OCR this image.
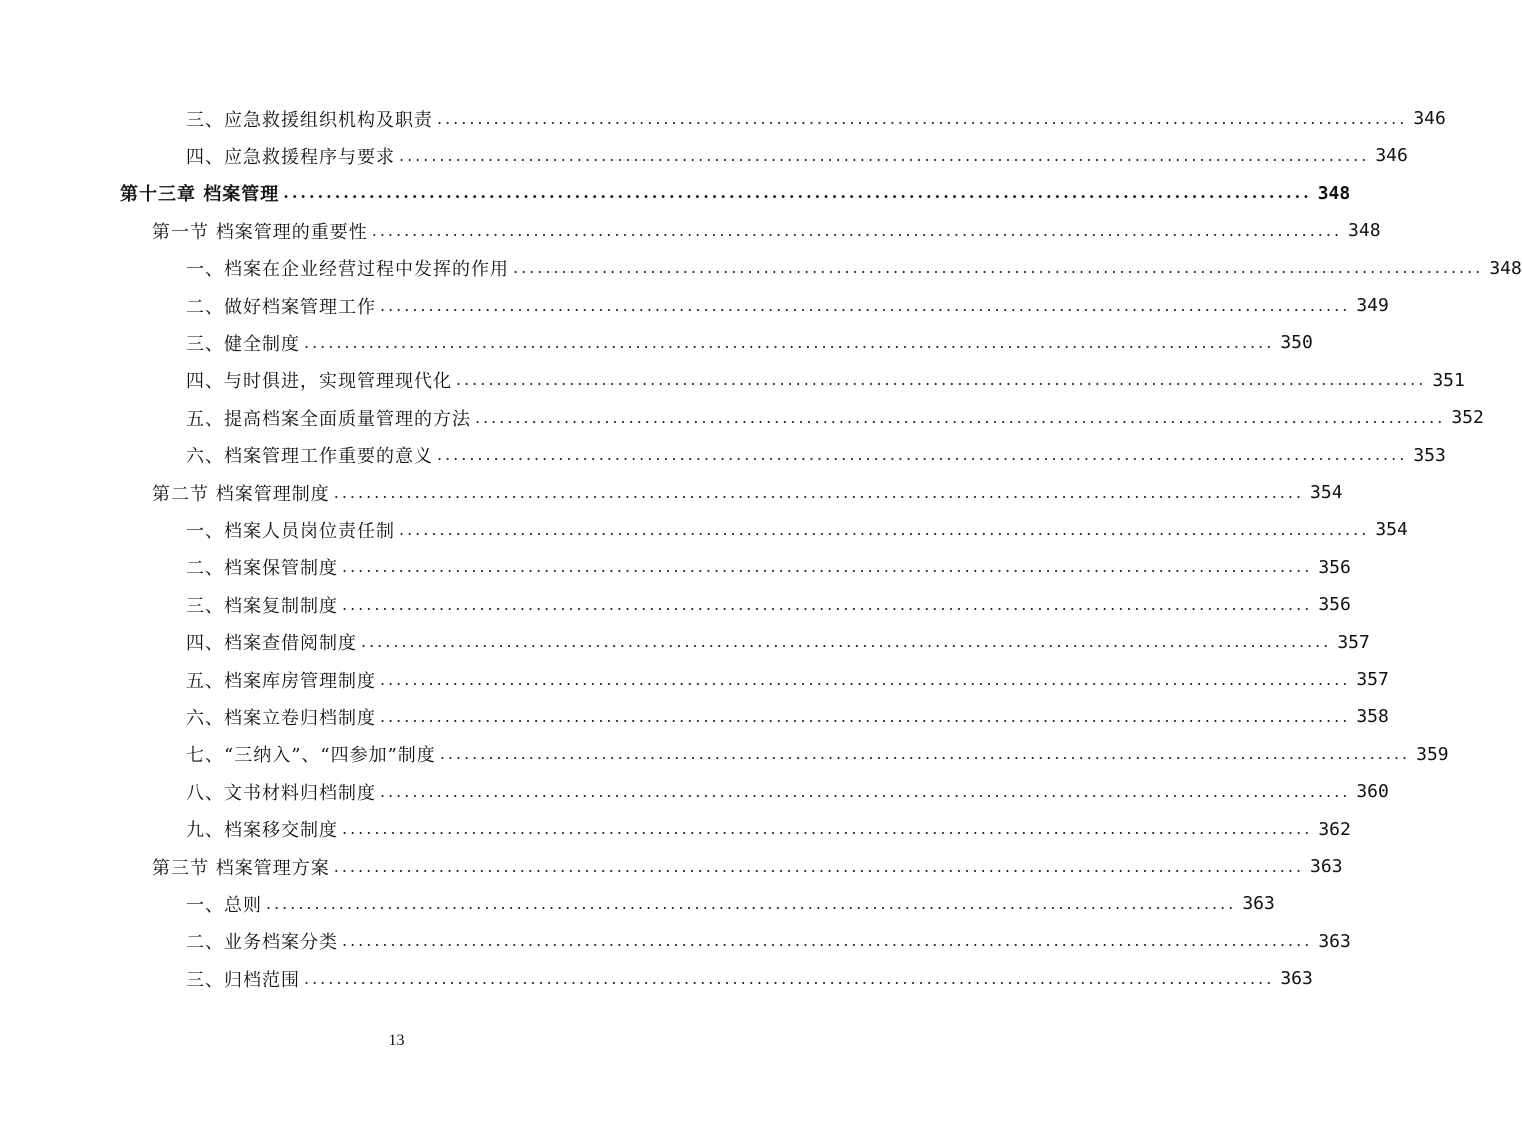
三、应急救援组织机构及职责 ........................................................................................................................ 346
四、应急救援程序与要求 ........................................................................................................................ 346
第十三章 档案管理 ........................................................................................................................ 348
第一节 档案管理的重要性 ........................................................................................................................ 348
一、档案在企业经营过程中发挥的作用 ........................................................................................................................ 348
二、做好档案管理工作 ........................................................................................................................ 349
三、健全制度 ........................................................................................................................ 350
四、与时俱进，实现管理现代化 ........................................................................................................................ 351
五、提高档案全面质量管理的方法 ........................................................................................................................ 352
六、档案管理工作重要的意义 ........................................................................................................................ 353
第二节 档案管理制度 ........................................................................................................................ 354
一、档案人员岗位责任制 ........................................................................................................................ 354
二、档案保管制度 ........................................................................................................................ 356
三、档案复制制度 ........................................................................................................................ 356
四、档案查借阅制度 ........................................................................................................................ 357
五、档案库房管理制度 ........................................................................................................................ 357
六、档案立卷归档制度 ........................................................................................................................ 358
七、“三纳入”、“四参加”制度 ........................................................................................................................ 359
八、文书材料归档制度 ........................................................................................................................ 360
九、档案移交制度 ........................................................................................................................ 362
第三节 档案管理方案 ........................................................................................................................ 363
一、总则 ........................................................................................................................ 363
二、业务档案分类 ........................................................................................................................ 363
三、归档范围 ........................................................................................................................ 363
13
